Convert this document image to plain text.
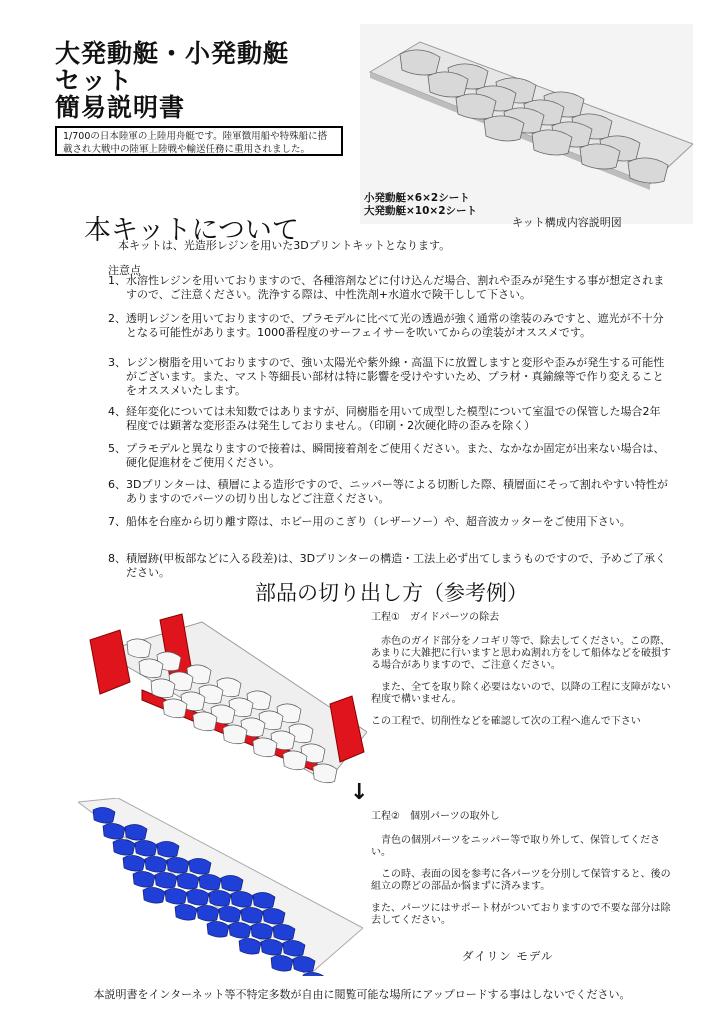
大発動艇・小発動艇
セット
簡易説明書
1/700の日本陸軍の上陸用舟艇です。陸軍徴用船や特殊船に搭載され大戦中の陸軍上陸戦や輸送任務に重用されました。
小発動艇×6×2シート
大発動艇×10×2シート
キット構成内容説明図
本キットについて
本キットは、光造形レジンを用いた3Dプリントキットとなります。
注意点
1、 水溶性レジンを用いておりますので、各種溶剤などに付け込んだ場合、割れや歪みが発生する事が想定されますので、ご注意ください。洗浄する際は、中性洗剤+水道水で険干しして下さい。
2、 透明レジンを用いておりますので、プラモデルに比べて光の透過が強く通常の塗装のみですと、遮光が不十分となる可能性があります。1000番程度のサーフェイサーを吹いてからの塗装がオススメです。
3、 レジン樹脂を用いておりますので、強い太陽光や紫外線・高温下に放置しますと変形や歪みが発生する可能性がございます。また、マスト等細長い部材は特に影響を受けやすいため、プラ材・真鍮線等で作り変えることをオススメいたします。
4、 経年変化については未知数ではありますが、同樹脂を用いて成型した模型について室温での保管した場合2年程度では顕著な変形歪みは発生しておりません。（印刷・2次硬化時の歪みを除く）
5、 プラモデルと異なりますので接着は、瞬間接着剤をご使用ください。また、なかなか固定が出来ない場合は、硬化促進材をご使用ください。
6、 3Dプリンターは、積層による造形ですので、ニッパー等による切断した際、積層面にそって割れやすい特性がありますのでパーツの切り出しなどご注意ください。
7、 船体を台座から切り離す際は、ホビー用のこぎり（レザーソー）や、超音波カッターをご使用下さい。
8、 積層跡(甲板部などに入る段差)は、3Dプリンターの構造・工法上必ず出てしまうものですので、予めご了承ください。
部品の切り出し方（参考例）

工程①　ガイドパーツの除去

赤色のガイド部分をノコギリ等で、除去してください。この際、あまりに大雑把に行いますと思わぬ割れ方をして船体などを破損する場合がありますので、ご注意ください。

また、全てを取り除く必要はないので、以降の工程に支障がない程度で構いません。

この工程で、切削性などを確認して次の工程へ進んで下さい

↓

工程②　個別パーツの取外し

青色の個別パーツをニッパー等で取り外して、保管してください。

この時、表面の図を参考に各パーツを分別して保管すると、後の組立の際どの部品か悩まずに済みます。

また、パーツにはサポート材がついておりますので不要な部分は除去してください。

ダイリン モデル
本説明書をインターネット等不特定多数が自由に閲覧可能な場所にアップロードする事はしないでください。
